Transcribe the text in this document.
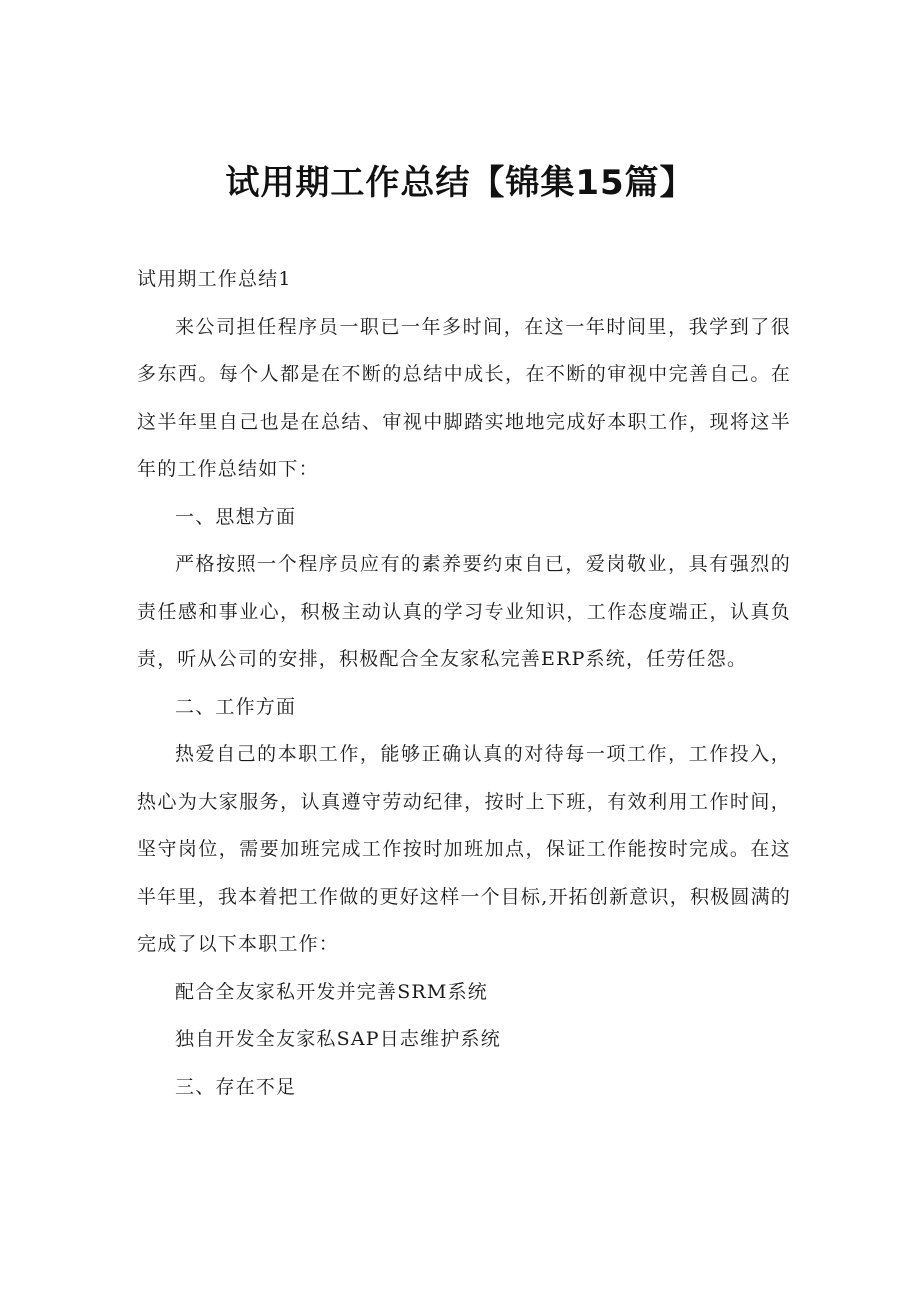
试用期工作总结【锦集15篇】

试用期工作总结1

来公司担任程序员一职已一年多时间，在这一年时间里，我学到了很多东西。每个人都是在不断的总结中成长，在不断的审视中完善自己。在这半年里自己也是在总结、审视中脚踏实地地完成好本职工作，现将这半年的工作总结如下：

一、思想方面

严格按照一个程序员应有的素养要约束自已，爱岗敬业，具有强烈的责任感和事业心，积极主动认真的学习专业知识，工作态度端正，认真负责，听从公司的安排，积极配合全友家私完善ERP系统，任劳任怨。

二、工作方面

热爱自己的本职工作，能够正确认真的对待每一项工作，工作投入，热心为大家服务，认真遵守劳动纪律，按时上下班，有效利用工作时间，坚守岗位，需要加班完成工作按时加班加点，保证工作能按时完成。在这半年里，我本着把工作做的更好这样一个目标,开拓创新意识，积极圆满的完成了以下本职工作：

配合全友家私开发并完善SRM系统

独自开发全友家私SAP日志维护系统

三、存在不足
